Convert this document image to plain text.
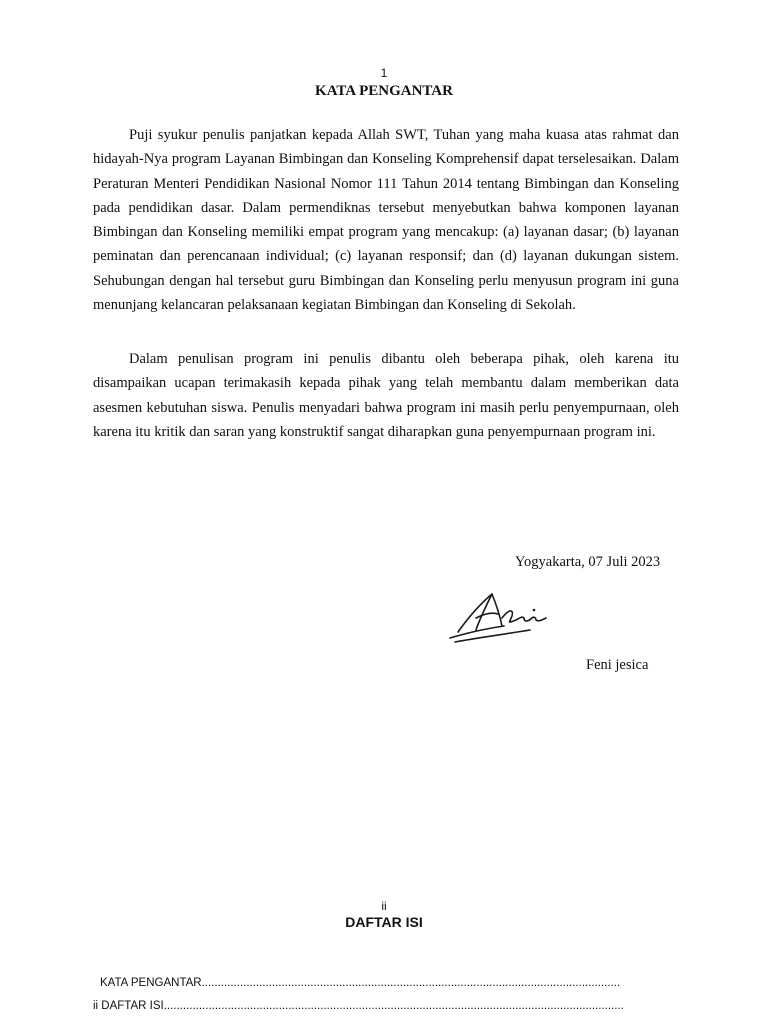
1
KATA PENGANTAR

Puji syukur penulis panjatkan kepada Allah SWT, Tuhan yang maha kuasa atas rahmat dan hidayah-Nya program Layanan Bimbingan dan Konseling Komprehensif dapat terselesaikan. Dalam Peraturan Menteri Pendidikan Nasional Nomor 111 Tahun 2014 tentang Bimbingan dan Konseling pada pendidikan dasar. Dalam permendiknas tersebut menyebutkan bahwa komponen layanan Bimbingan dan Konseling memiliki empat program yang mencakup: (a) layanan dasar; (b) layanan peminatan dan perencanaan individual; (c) layanan responsif; dan (d) layanan dukungan sistem. Sehubungan dengan hal tersebut guru Bimbingan dan Konseling perlu menyusun program ini guna menunjang kelancaran pelaksanaan kegiatan Bimbingan dan Konseling di Sekolah.

Dalam penulisan program ini penulis dibantu oleh beberapa pihak, oleh karena itu disampaikan ucapan terimakasih kepada pihak yang telah membantu dalam memberikan data asesmen kebutuhan siswa. Penulis menyadari bahwa program ini masih perlu penyempurnaan, oleh karena itu kritik dan saran yang konstruktif sangat diharapkan guna penyempurnaan program ini.

Yogyakarta, 07 Juli 2023
Feni jesica
ii
DAFTAR ISI
KATA PENGANTAR...................................................................................................................................
ii DAFTAR ISI................................................................................................................................................
